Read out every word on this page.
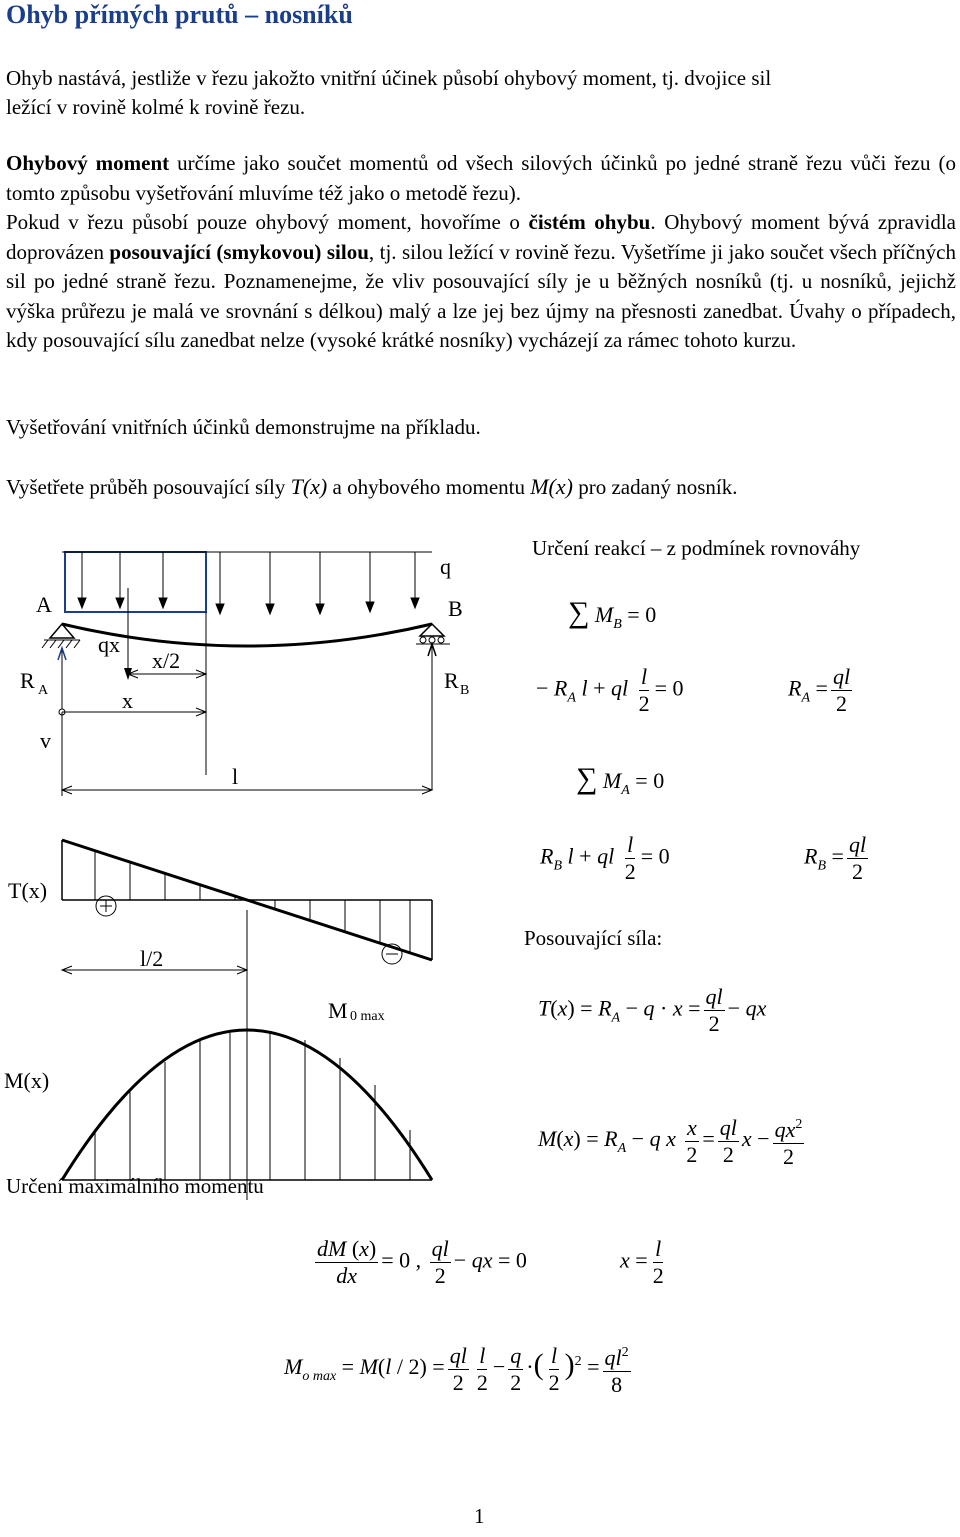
Ohyb přímých prutů – nosníků
Ohyb nastává, jestliže v řezu jakožto vnitřní účinek působí ohybový moment, tj. dvojice sil
ležící v rovině kolmé k rovině řezu.
Ohybový moment určíme jako součet momentů od všech silových účinků po jedné straně řezu vůči řezu (o tomto způsobu vyšetřování mluvíme též jako o metodě řezu).
Pokud v řezu působí pouze ohybový moment, hovoříme o čistém ohybu. Ohybový moment bývá zpravidla doprovázen posouvající (smykovou) silou, tj. silou ležící v rovině řezu. Vyšetříme ji jako součet všech příčných sil po jedné straně řezu. Poznamenejme, že vliv posouvající síly je u běžných nosníků (tj. u nosníků, jejichž výška průřezu je malá ve srovnání s délkou) malý a lze jej bez újmy na přesnosti zanedbat. Úvahy o případech, kdy posouvající sílu zanedbat nelze (vysoké krátké nosníky) vycházejí za rámec tohoto kurzu.
Vyšetřování vnitřních účinků demonstrujme na příkladu.
Vyšetřete průběh posouvající síly T(x) a ohybového momentu M(x) pro zadaný nosník.
A
q
B
qx
x/2
x
R A	R B
v
l
T(x)
l/2
M 0 max
M(x)
Určení reakcí – z podmínek rovnováhy
∑ $M_B = 0$
− $R_A$ l + ql $\frac{l}{2} = 0$	$R_A = \frac{ql}{2}$
∑ $M_A = 0$
$R_B$ l + ql $\frac{l}{2} = 0$	$R_B = \frac{ql}{2}$
Posouvající síla:
$T(x) = R_A - q \cdot x = \frac{ql}{2}$ − qx
$M(x) = R_A - q$ x $\frac{x}{2} = \frac{ql}{2}$ $x - \frac{qx^2}{2}$
Určení maximálního momentu
$\frac{dM (x)}{dx} = 0$ , $\frac{ql}{2}$ − qx = 0	$x = \frac{l}{2}$
$M_{o max} = M(l / 2) = \frac{ql}{2} \frac{l}{2} - \frac{q}{2}$ ·( $\frac{l}{2} )^2 = \frac{ql^2}{8}$
1
